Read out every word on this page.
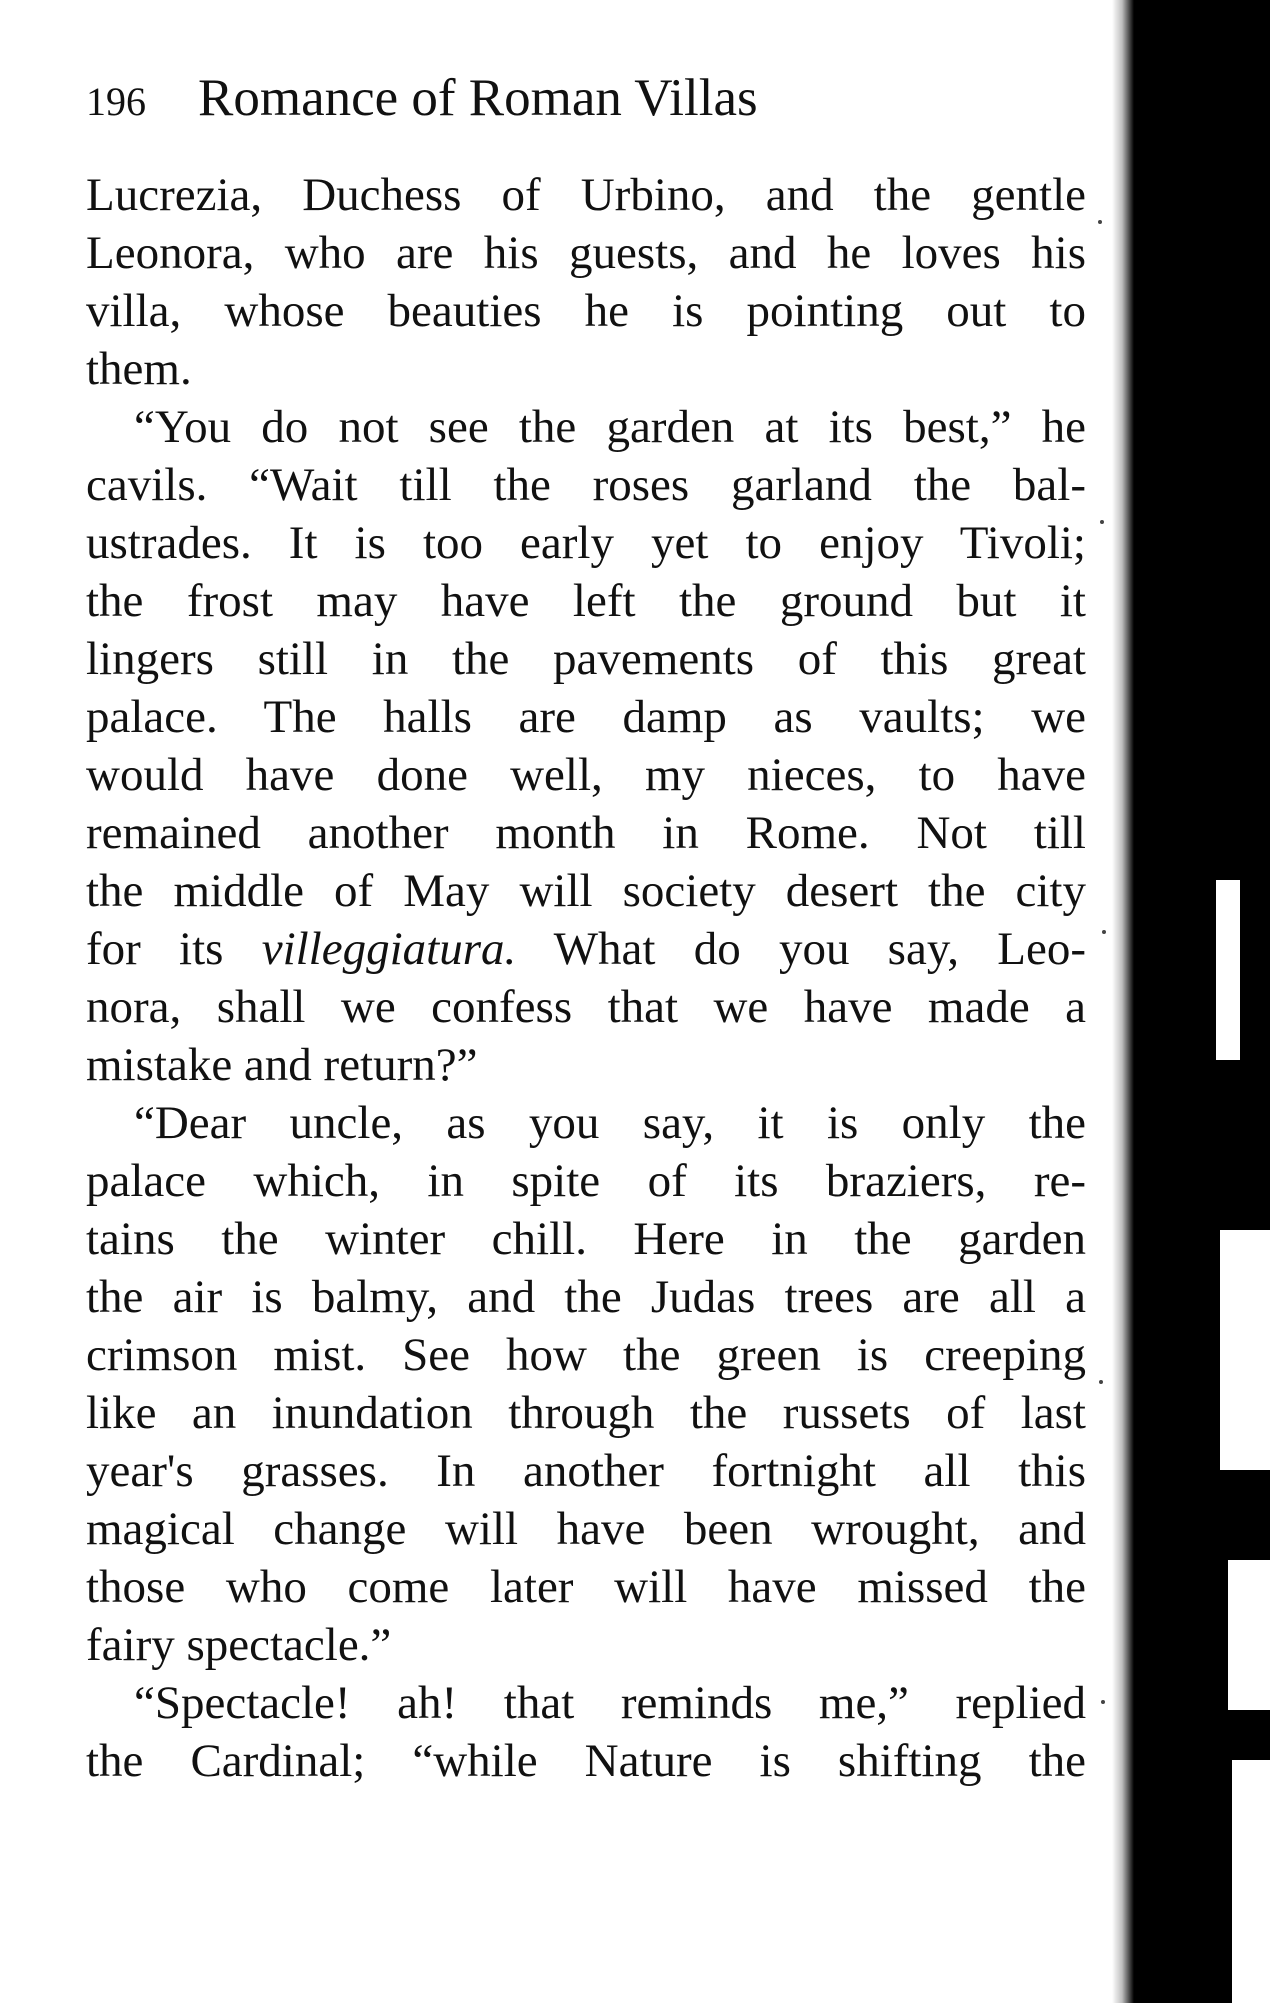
196 Romance of Roman Villas
Lucrezia, Duchess of Urbino, and the gentle
Leonora, who are his guests, and he loves his
villa, whose beauties he is pointing out to
them.
“You do not see the garden at its best,” he
cavils. “Wait till the roses garland the bal-
ustrades. It is too early yet to enjoy Tivoli;
the frost may have left the ground but it
lingers still in the pavements of this great
palace. The halls are damp as vaults; we
would have done well, my nieces, to have
remained another month in Rome. Not till
the middle of May will society desert the city
for its villeggiatura. What do you say, Leo-
nora, shall we confess that we have made a
mistake and return?”
“Dear uncle, as you say, it is only the
palace which, in spite of its braziers, re-
tains the winter chill. Here in the garden
the air is balmy, and the Judas trees are all a
crimson mist. See how the green is creeping
like an inundation through the russets of last
year's grasses. In another fortnight all this
magical change will have been wrought, and
those who come later will have missed the
fairy spectacle.”
“Spectacle! ah! that reminds me,” replied
the Cardinal; “while Nature is shifting the
